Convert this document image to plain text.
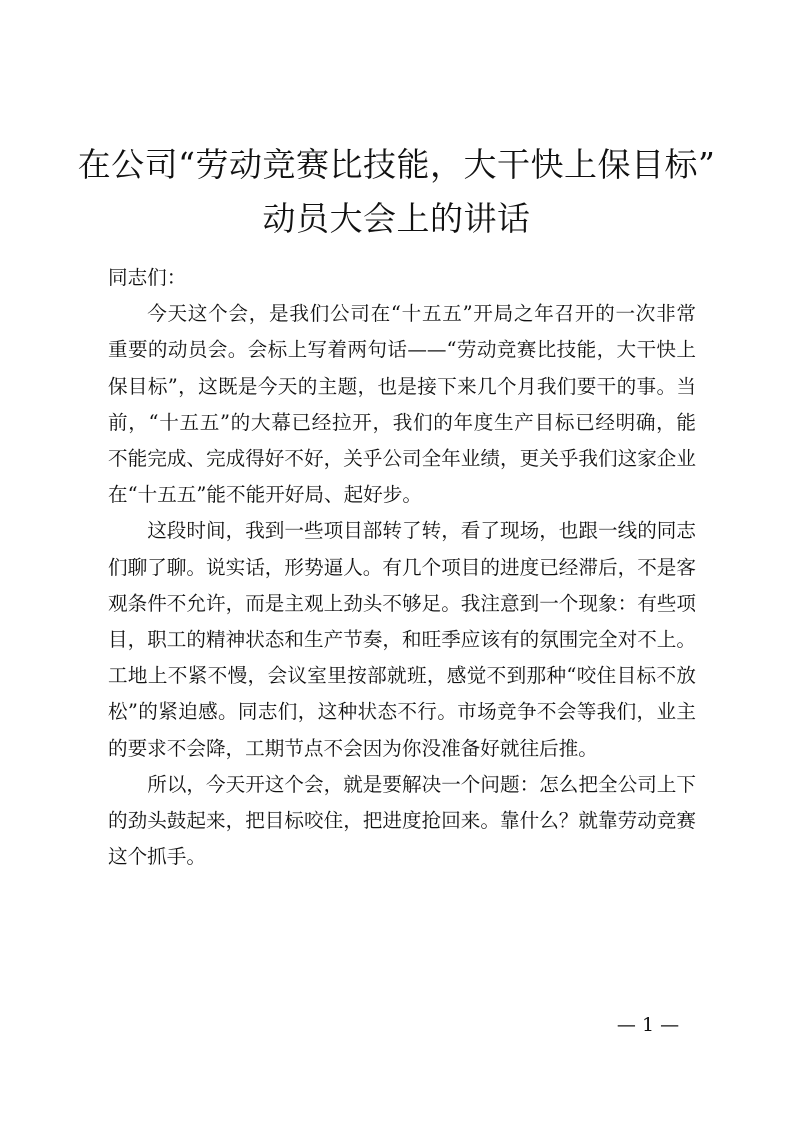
在公司“劳动竞赛比技能，大干快上保目标”
动员大会上的讲话

同志们：

今天这个会，是我们公司在“十五五”开局之年召开的一次非常重要的动员会。会标上写着两句话——“劳动竞赛比技能，大干快上保目标”，这既是今天的主题，也是接下来几个月我们要干的事。当前，“十五五”的大幕已经拉开，我们的年度生产目标已经明确，能不能完成、完成得好不好，关乎公司全年业绩，更关乎我们这家企业在“十五五”能不能开好局、起好步。

这段时间，我到一些项目部转了转，看了现场，也跟一线的同志们聊了聊。说实话，形势逼人。有几个项目的进度已经滞后，不是客观条件不允许，而是主观上劲头不够足。我注意到一个现象：有些项目，职工的精神状态和生产节奏，和旺季应该有的氛围完全对不上。工地上不紧不慢，会议室里按部就班，感觉不到那种“咬住目标不放松”的紧迫感。同志们，这种状态不行。市场竞争不会等我们，业主的要求不会降，工期节点不会因为你没准备好就往后推。

所以，今天开这个会，就是要解决一个问题：怎么把全公司上下的劲头鼓起来，把目标咬住，把进度抢回来。靠什么？就靠劳动竞赛这个抓手。

— 1 —
